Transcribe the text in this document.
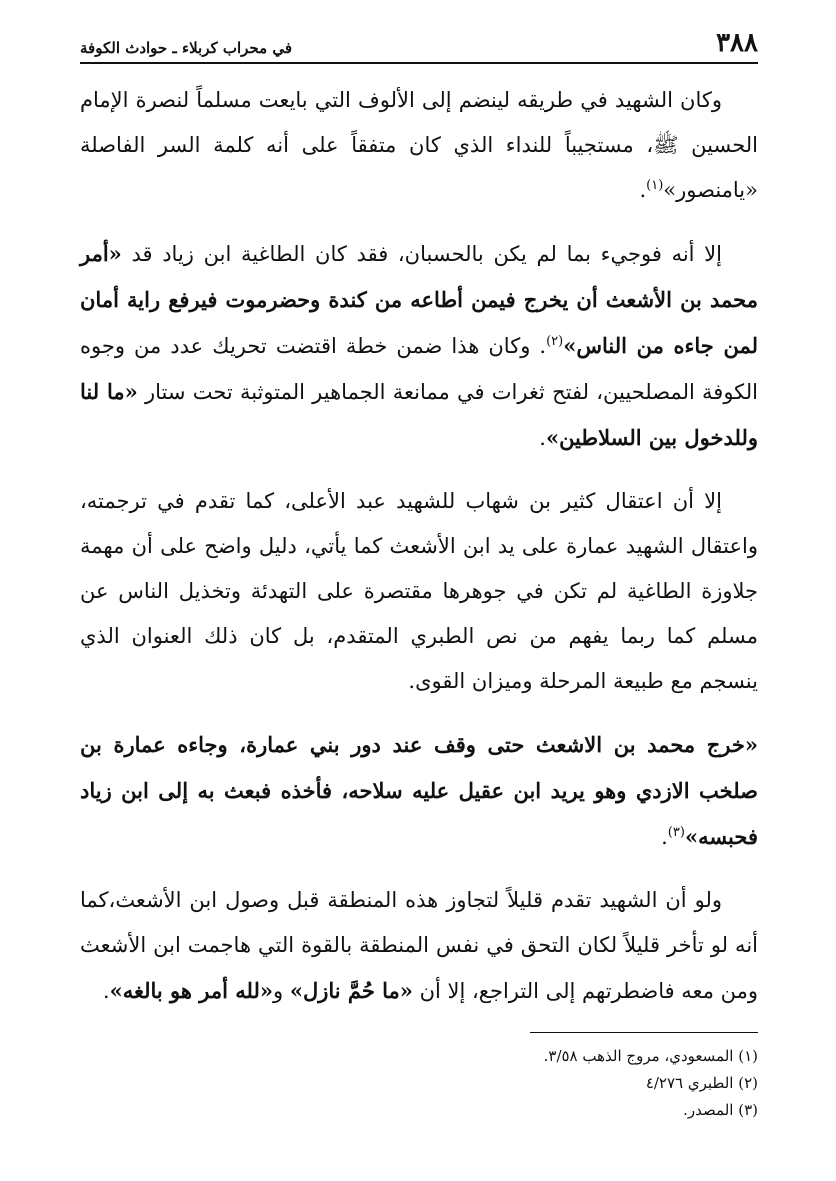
٣٨٨
في محراب كربلاء ـ حوادث الكوفة

وكان الشهيد في طريقه لينضم إلى الألوف التي بايعت مسلماً لنصرة الإمام الحسين ﷺ، مستجيباً للنداء الذي كان متفقاً على أنه كلمة السر الفاصلة «يامنصور»$^{(١)}$.

إلا أنه فوجيء بما لم يكن بالحسبان، فقد كان الطاغية ابن زياد قد «أمر محمد بن الأشعث أن يخرج فيمن أطاعه من كندة وحضرموت فيرفع راية أمان لمن جاءه من الناس»$^{(٢)}$. وكان هذا ضمن خطة اقتضت تحريك عدد من وجوه الكوفة المصلحيين، لفتح ثغرات في ممانعة الجماهير المتوثبة تحت ستار «ما لنا وللدخول بين السلاطين».

إلا أن اعتقال كثير بن شهاب للشهيد عبد الأعلى، كما تقدم في ترجمته، واعتقال الشهيد عمارة على يد ابن الأشعث كما يأتي، دليل واضح على أن مهمة جلاوزة الطاغية لم تكن في جوهرها مقتصرة على التهدئة وتخذيل الناس عن مسلم كما ربما يفهم من نص الطبري المتقدم، بل كان ذلك العنوان الذي ينسجم مع طبيعة المرحلة وميزان القوى.

«خرج محمد بن الاشعث حتى وقف عند دور بني عمارة، وجاءه عمارة بن صلخب الازدي وهو يريد ابن عقيل عليه سلاحه، فأخذه فبعث به إلى ابن زياد فحبسه»$^{(٣)}$.

ولو أن الشهيد تقدم قليلاً لتجاوز هذه المنطقة قبل وصول ابن الأشعث،كما أنه لو تأخر قليلاً لكان التحق في نفس المنطقة بالقوة التي هاجمت ابن الأشعث ومن معه فاضطرتهم إلى التراجع، إلا أن «ما حُمَّ نازل» و«لله أمر هو بالغه».

(١) المسعودي، مروج الذهب ٣/٥٨.

(٢) الطبري ٤/٢٧٦

(٣) المصدر.
